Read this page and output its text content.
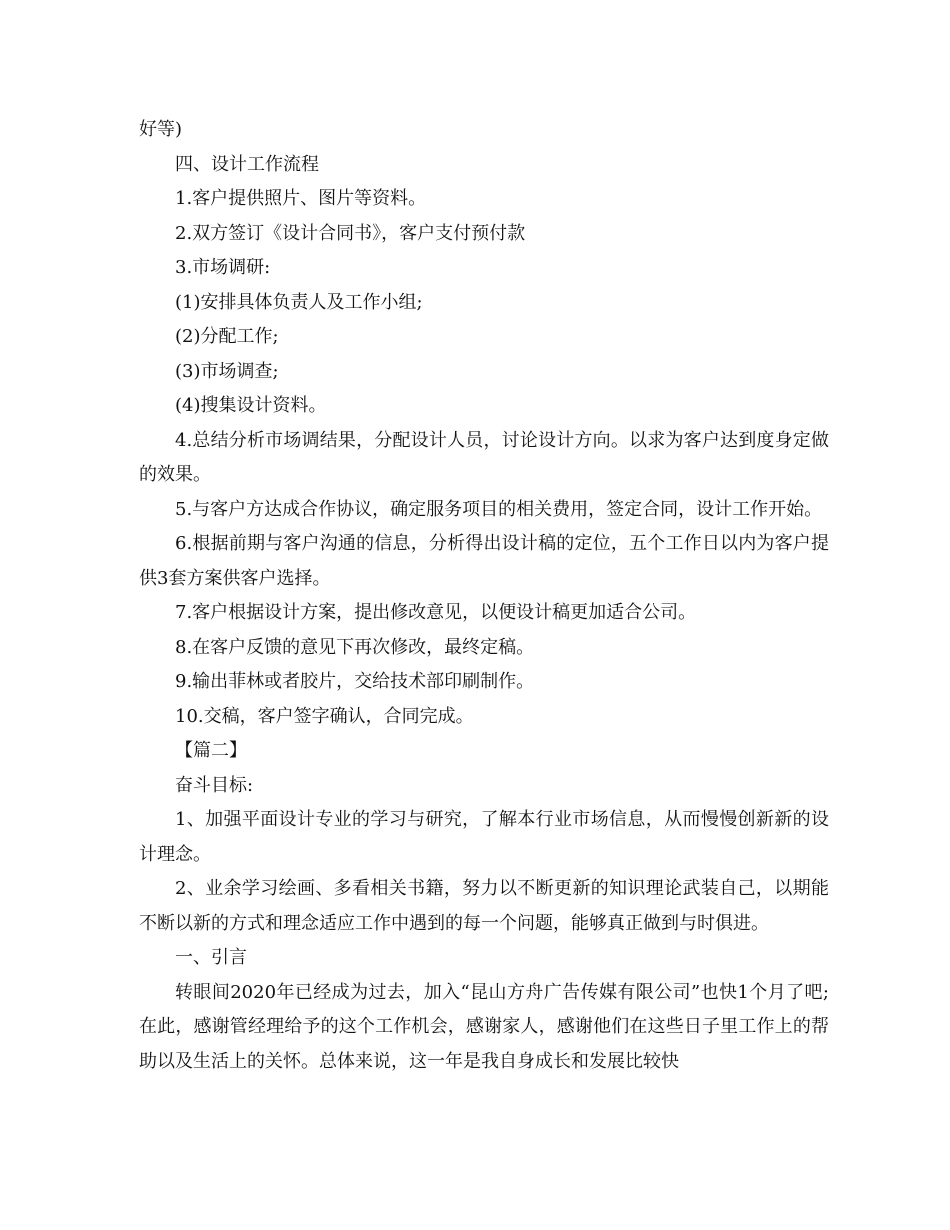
好等)

四、设计工作流程

1.客户提供照片、图片等资料。

2.双方签订《设计合同书》，客户支付预付款

3.市场调研:

(1)安排具体负责人及工作小组;

(2)分配工作;

(3)市场调查;

(4)搜集设计资料。

4.总结分析市场调结果，分配设计人员，讨论设计方向。以求为客户达到度身定做的效果。

5.与客户方达成合作协议，确定服务项目的相关费用，签定合同，设计工作开始。

6.根据前期与客户沟通的信息，分析得出设计稿的定位，五个工作日以内为客户提供3套方案供客户选择。

7.客户根据设计方案，提出修改意见，以便设计稿更加适合公司。

8.在客户反馈的意见下再次修改，最终定稿。

9.输出菲林或者胶片，交给技术部印刷制作。

10.交稿，客户签字确认，合同完成。

【篇二】

奋斗目标:

1、加强平面设计专业的学习与研究，了解本行业市场信息，从而慢慢创新新的设计理念。

2、业余学习绘画、多看相关书籍，努力以不断更新的知识理论武装自己，以期能不断以新的方式和理念适应工作中遇到的每一个问题，能够真正做到与时俱进。

一、引言

转眼间2020年已经成为过去，加入“昆山方舟广告传媒有限公司”也快1个月了吧;在此，感谢管经理给予的这个工作机会，感谢家人，感谢他们在这些日子里工作上的帮助以及生活上的关怀。总体来说，这一年是我自身成长和发展比较快
